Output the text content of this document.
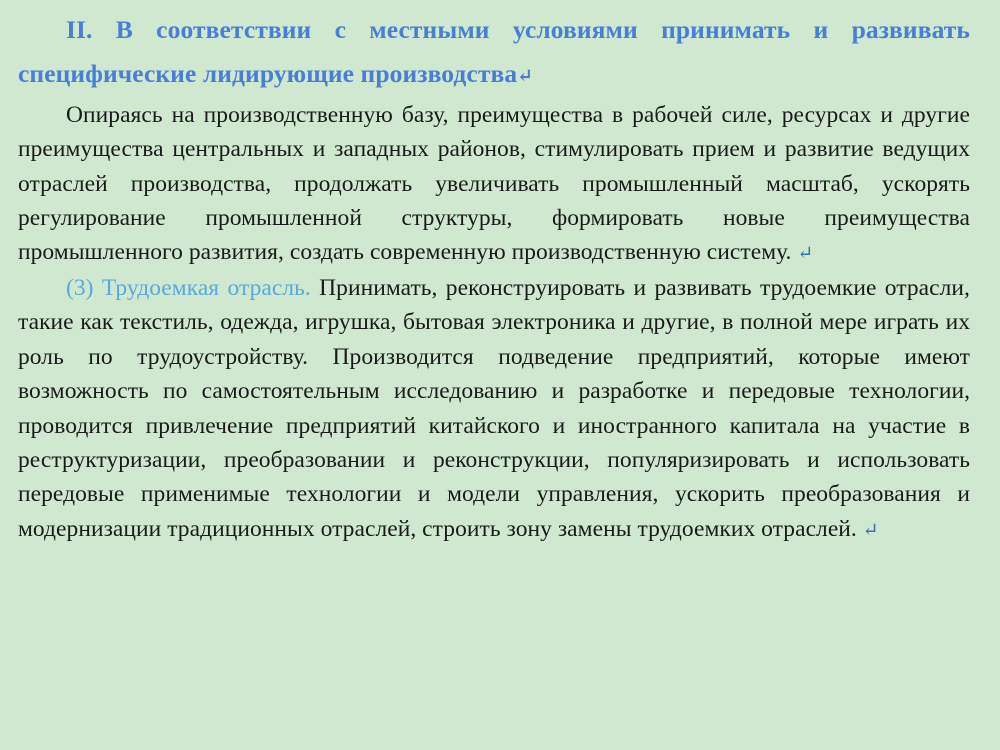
II. В соответствии с местными условиями принимать и развивать специфические лидирующие производства↵

Опираясь на производственную базу, преимущества в рабочей силе, ресурсах и другие преимущества центральных и западных районов, стимулировать прием и развитие ведущих отраслей производства, продолжать увеличивать промышленный масштаб, ускорять регулирование промышленной структуры, формировать новые преимущества промышленного развития, создать современную производственную систему. ↵

(3) Трудоемкая отрасль. Принимать, реконструировать и развивать трудоемкие отрасли, такие как текстиль, одежда, игрушка, бытовая электроника и другие, в полной мере играть их роль по трудоустройству. Производится подведение предприятий, которые имеют возможность по самостоятельным исследованию и разработке и передовые технологии, проводится привлечение предприятий китайского и иностранного капитала на участие в реструктуризации, преобразовании и реконструкции, популяризировать и использовать передовые применимые технологии и модели управления, ускорить преобразования и модернизации традиционных отраслей, строить зону замены трудоемких отраслей. ↵
